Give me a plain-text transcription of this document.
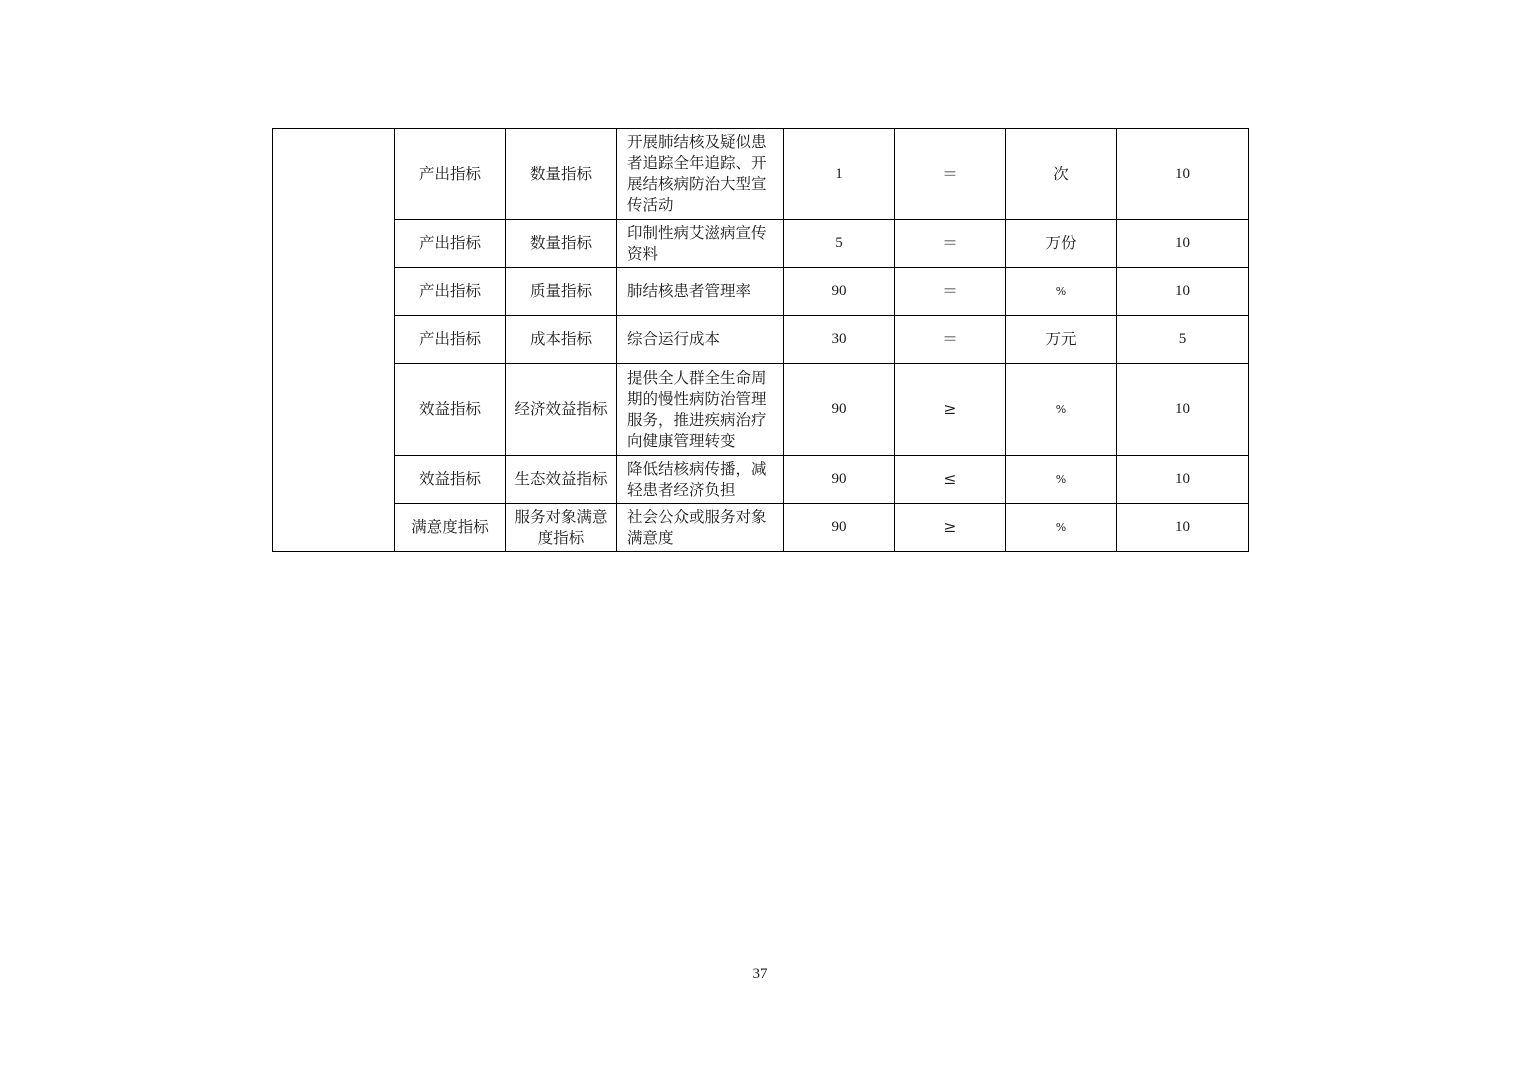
	产出指标	数量指标	开展肺结核及疑似患者追踪全年追踪、开展结核病防治大型宣传活动	1	＝	次	10
	产出指标	数量指标	印制性病艾滋病宣传资料	5	＝	万份	10
	产出指标	质量指标	肺结核患者管理率	90	＝	%	10
	产出指标	成本指标	综合运行成本	30	＝	万元	5
	效益指标	经济效益指标	提供全人群全生命周期的慢性病防治管理服务，推进疾病治疗向健康管理转变	90	≥	%	10
	效益指标	生态效益指标	降低结核病传播，减轻患者经济负担	90	≤	%	10
	满意度指标	服务对象满意度指标	社会公众或服务对象满意度	90	≥	%	10
37
